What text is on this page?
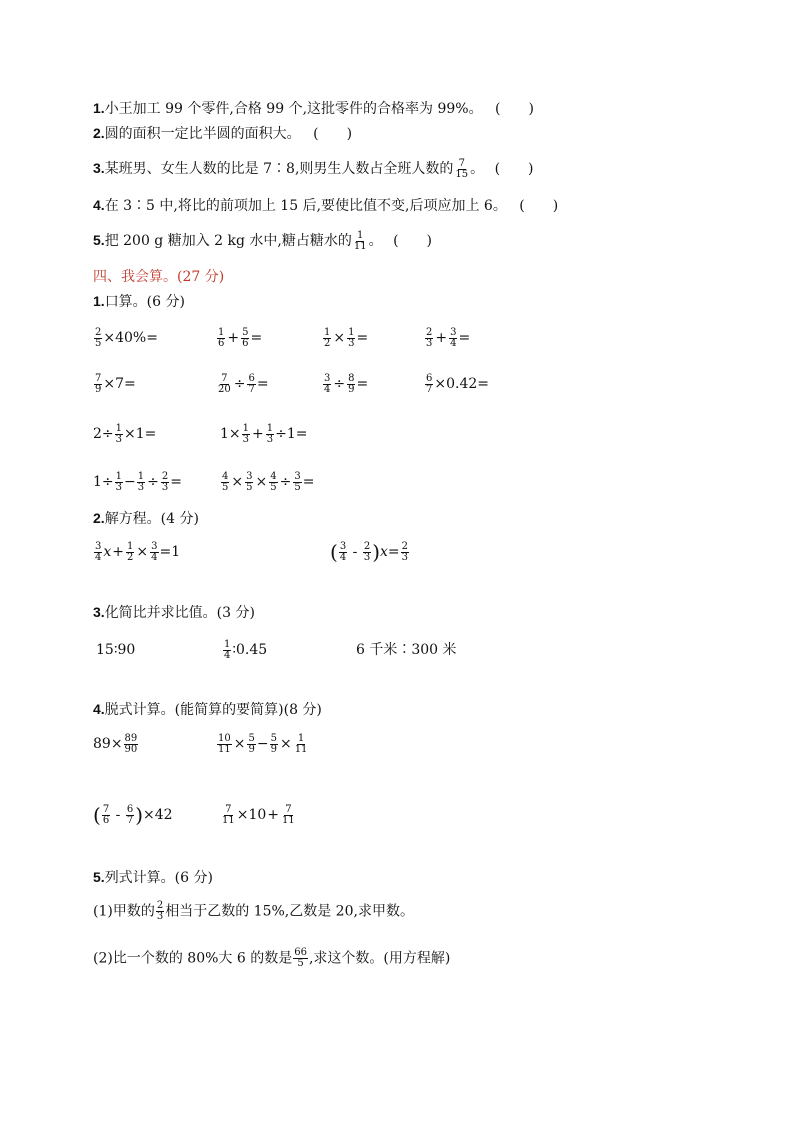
1.小王加工 99 个零件,合格 99 个,这批零件的合格率为 99%。 (　　)
2.圆的面积一定比半圆的面积大。 (　　)
3.某班男、女生人数的比是 7∶8,则男生人数占全班人数的 $\frac{7}{15}$ 。 (　　)
4.在 3∶5 中,将比的前项加上 15 后,要使比值不变,后项应加上 6。 (　　)
5.把 200 g 糖加入 2 kg 水中,糖占糖水的 $\frac{1}{11}$ 。 (　　)
四、我会算。(27 分)
1.口算。(6 分)
$\frac{2}{5} \times 40\%=$	$\frac{1}{6} + \frac{5}{6}$ =	$\frac{1}{2} \times \frac{1}{3}$ =	$\frac{2}{3} + \frac{3}{4}$ =
$\frac{7}{9} \times 7=$	$\frac{7}{20} \div \frac{6}{7}$ =	$\frac{3}{4} \div \frac{8}{9}$ =	$\frac{6}{7} \times 0.42=$
$2\div \frac{1}{3} \times 1=$	$1\times \frac{1}{3} + \frac{1}{3} \div 1=$
$1\div \frac{1}{3} - \frac{1}{3} \div \frac{2}{3}$ =	$\frac{4}{5} \times \frac{3}{5} \times \frac{4}{5} \div \frac{3}{5}$ =
2.解方程。(4 分)
$\frac{3}{4} x+ \frac{1}{2} \times \frac{3}{4} =1$	( $\frac{3}{4} - \frac{2}{3} )x= \frac{2}{3}$
3.化简比并求比值。(3 分)
15∶90	$\frac{1}{4}$ ∶0.45	6 千米∶300 米
4.脱式计算。(能简算的要简算)(8 分)
$89\times \frac{89}{90}$	$\frac{10}{11} \times \frac{5}{9} - \frac{5}{9} \times \frac{1}{11}$
( $\frac{7}{6} - \frac{6}{7} )\times 42$	$\frac{7}{11} \times 10+ \frac{7}{11}$
5.列式计算。(6 分)
(1)甲数的 $\frac{2}{3}$ 相当于乙数的 15%,乙数是 20,求甲数。
(2)比一个数的 80%大 6 的数是 $\frac{66}{5}$ ,求这个数。(用方程解)
